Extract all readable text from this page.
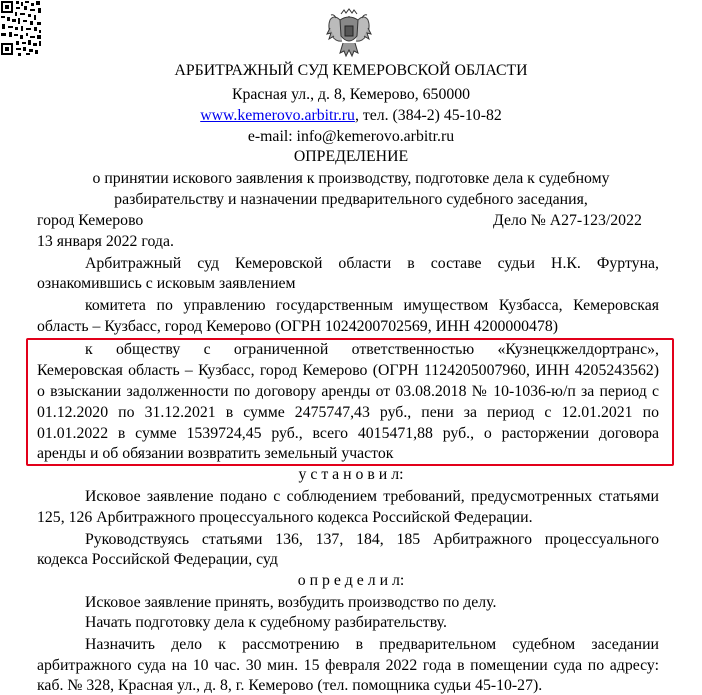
АРБИТРАЖНЫЙ СУД КЕМЕРОВСКОЙ ОБЛАСТИ
Красная ул., д. 8, Кемерово, 650000
www.kemerovo.arbitr.ru, тел. (384-2) 45-10-82
e-mail: info@kemerovo.arbitr.ru
ОПРЕДЕЛЕНИЕ
о принятии искового заявления к производству, подготовке дела к судебному
разбирательству и назначении предварительного судебного заседания,
город Кемерово	Дело № А27-123/2022
13 января 2022 года.
Арбитражный суд Кемеровской области в составе судьи Н.К. Фуртуна,
ознакомившись с исковым заявлением
комитета по управлению государственным имуществом Кузбасса, Кемеровская
область – Кузбасс, город Кемерово (ОГРН 1024200702569, ИНН 4200000478)
к обществу с ограниченной ответственностью «Кузнецкжелдортранс»,
Кемеровская область – Кузбасс, город Кемерово (ОГРН 1124205007960, ИНН 4205243562)
о взыскании задолженности по договору аренды от 03.08.2018 № 10-1036-ю/п за период с
01.12.2020 по 31.12.2021 в сумме 2475747,43 руб., пени за период с 12.01.2021 по
01.01.2022 в сумме 1539724,45 руб., всего 4015471,88 руб., о расторжении договора
аренды и об обязании возвратить земельный участок
у с т а н о в и л:
Исковое заявление подано с соблюдением требований, предусмотренных статьями
125, 126 Арбитражного процессуального кодекса Российской Федерации.
Руководствуясь статьями 136, 137, 184, 185 Арбитражного процессуального
кодекса Российской Федерации, суд
о п р е д е л и л:
Исковое заявление принять, возбудить производство по делу.
Начать подготовку дела к судебному разбирательству.
Назначить дело к рассмотрению в предварительном судебном заседании
арбитражного суда на 10 час. 30 мин. 15 февраля 2022 года в помещении суда по адресу:
каб. № 328, Красная ул., д. 8, г. Кемерово (тел. помощника судьи 45-10-27).
